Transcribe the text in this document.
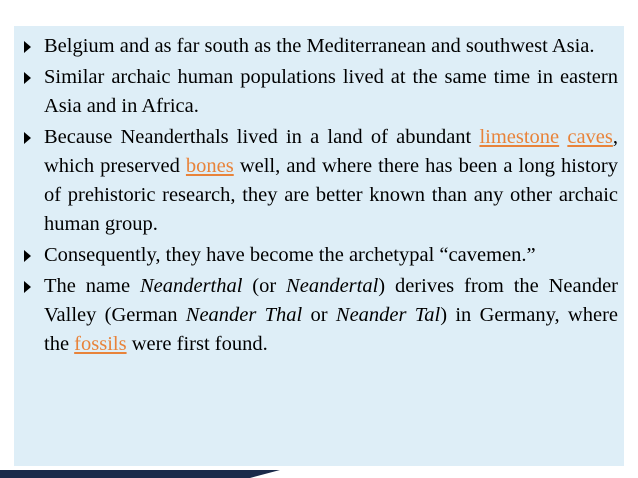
Belgium and as far south as the Mediterranean and southwest Asia.
Similar archaic human populations lived at the same time in eastern Asia and in Africa.
Because Neanderthals lived in a land of abundant limestone caves, which preserved bones well, and where there has been a long history of prehistoric research, they are better known than any other archaic human group.
Consequently, they have become the archetypal “cavemen.”
The name Neanderthal (or Neandertal) derives from the Neander Valley (German Neander Thal or Neander Tal) in Germany, where the fossils were first found.
